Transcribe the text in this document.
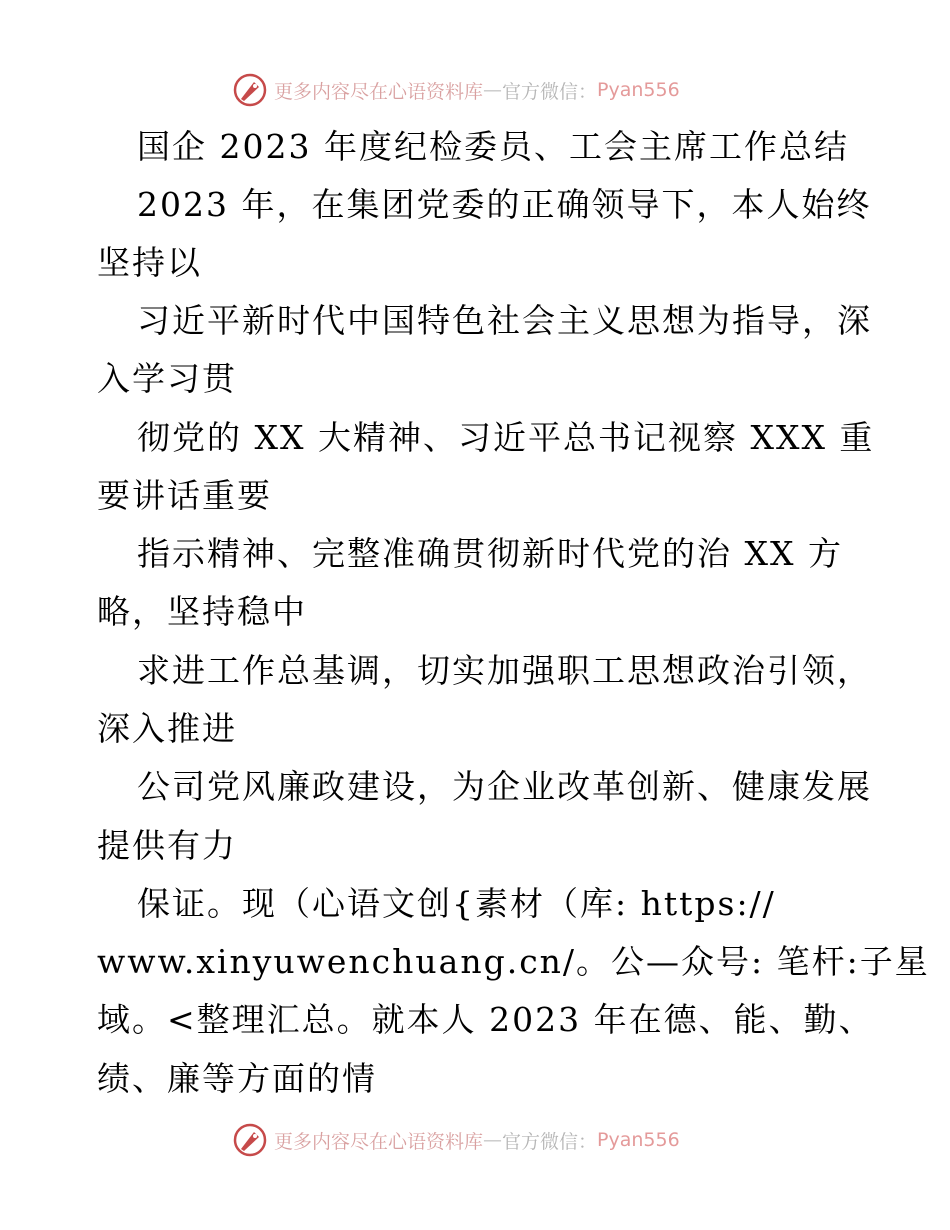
更多内容尽在心语资料库 — 官方微信： Pyan556
国企 2023 年度纪检委员、工会主席工作总结
2023 年，在集团党委的正确领导下，本人始终
坚持以
习近平新时代中国特色社会主义思想为指导，深
入学习贯
彻党的 XX 大精神、习近平总书记视察 XXX 重
要讲话重要
指示精神、完整准确贯彻新时代党的治 XX 方
略，坚持稳中
求进工作总基调，切实加强职工思想政治引领，
深入推进
公司党风廉政建设，为企业改革创新、健康发展
提供有力
保证。现（心语文创{素材（库: https://
www.xinyuwenchuang.cn/。公—众号: 笔杆:子星
域。<整理汇总。就本人 2023 年在德、能、勤、
绩、廉等方面的情
更多内容尽在心语资料库 — 官方微信： Pyan556
